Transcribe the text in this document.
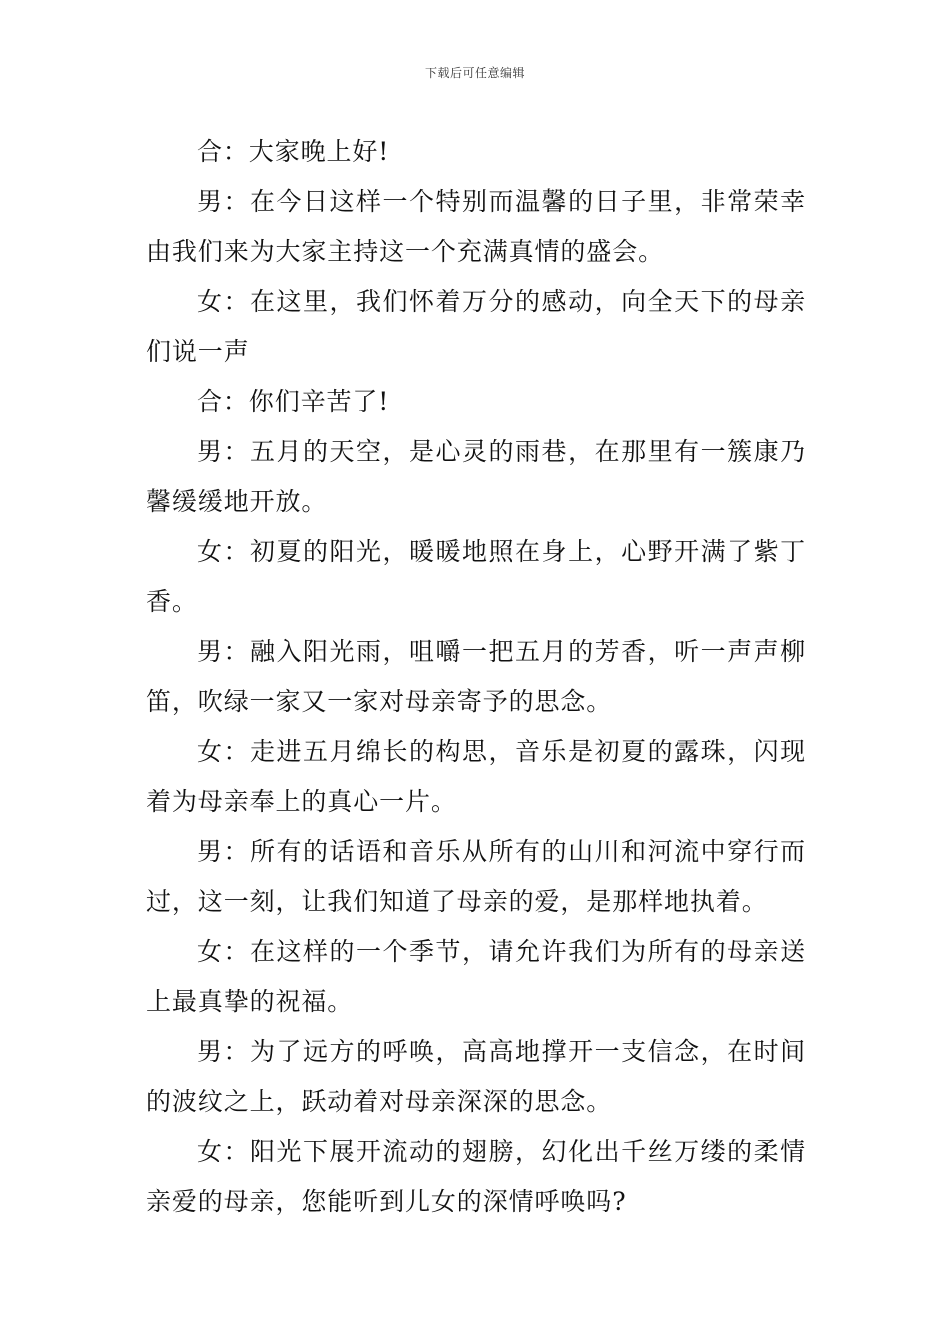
下载后可任意编辑

合：大家晚上好!

男：在今日这样一个特别而温馨的日子里，非常荣幸由我们来为大家主持这一个充满真情的盛会。

女：在这里，我们怀着万分的感动，向全天下的母亲们说一声

合：你们辛苦了!

男：五月的天空，是心灵的雨巷，在那里有一簇康乃馨缓缓地开放。

女：初夏的阳光，暖暖地照在身上，心野开满了紫丁香。

男：融入阳光雨，咀嚼一把五月的芳香，听一声声柳笛，吹绿一家又一家对母亲寄予的思念。

女：走进五月绵长的构思，音乐是初夏的露珠，闪现着为母亲奉上的真心一片。

男：所有的话语和音乐从所有的山川和河流中穿行而过，这一刻，让我们知道了母亲的爱，是那样地执着。

女：在这样的一个季节，请允许我们为所有的母亲送上最真挚的祝福。

男：为了远方的呼唤，高高地撑开一支信念，在时间的波纹之上，跃动着对母亲深深的思念。

女：阳光下展开流动的翅膀，幻化出千丝万缕的柔情亲爱的母亲，您能听到儿女的深情呼唤吗?
